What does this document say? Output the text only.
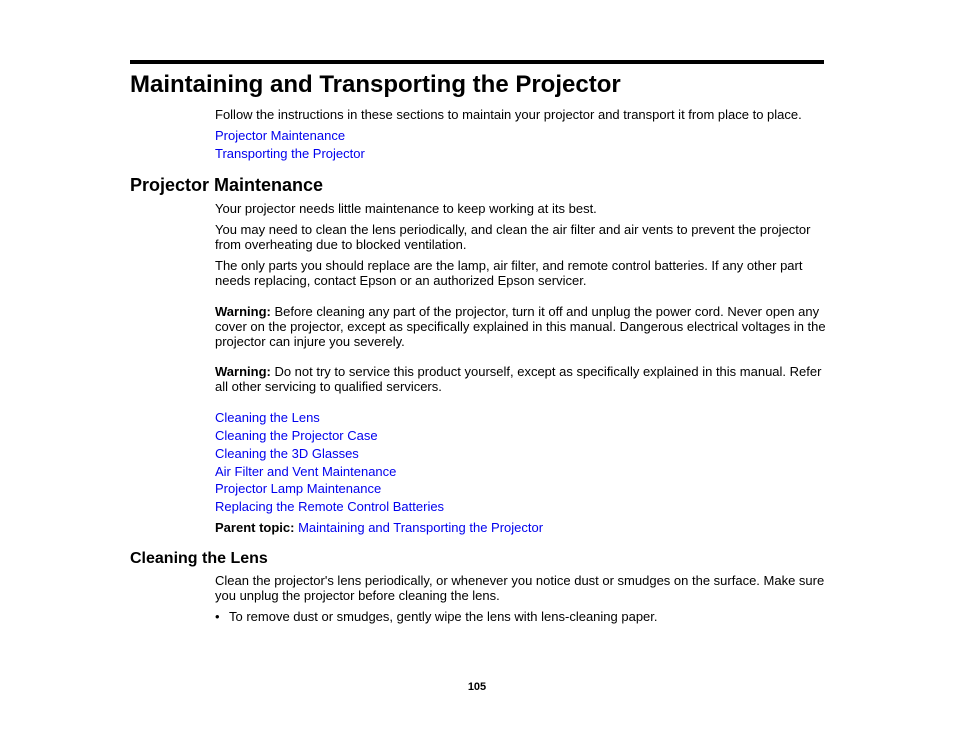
Maintaining and Transporting the Projector

Follow the instructions in these sections to maintain your projector and transport it from place to place.

Projector Maintenance
Transporting the Projector
Projector Maintenance

Your projector needs little maintenance to keep working at its best.

You may need to clean the lens periodically, and clean the air filter and air vents to prevent the projector from overheating due to blocked ventilation.

The only parts you should replace are the lamp, air filter, and remote control batteries. If any other part needs replacing, contact Epson or an authorized Epson servicer.

Warning: Before cleaning any part of the projector, turn it off and unplug the power cord. Never open any cover on the projector, except as specifically explained in this manual. Dangerous electrical voltages in the projector can injure you severely.

Warning: Do not try to service this product yourself, except as specifically explained in this manual. Refer all other servicing to qualified servicers.

Cleaning the Lens
Cleaning the Projector Case
Cleaning the 3D Glasses
Air Filter and Vent Maintenance
Projector Lamp Maintenance
Replacing the Remote Control Batteries
Parent topic: Maintaining and Transporting the Projector
Cleaning the Lens

Clean the projector's lens periodically, or whenever you notice dust or smudges on the surface. Make sure you unplug the projector before cleaning the lens.

• To remove dust or smudges, gently wipe the lens with lens-cleaning paper.
105
